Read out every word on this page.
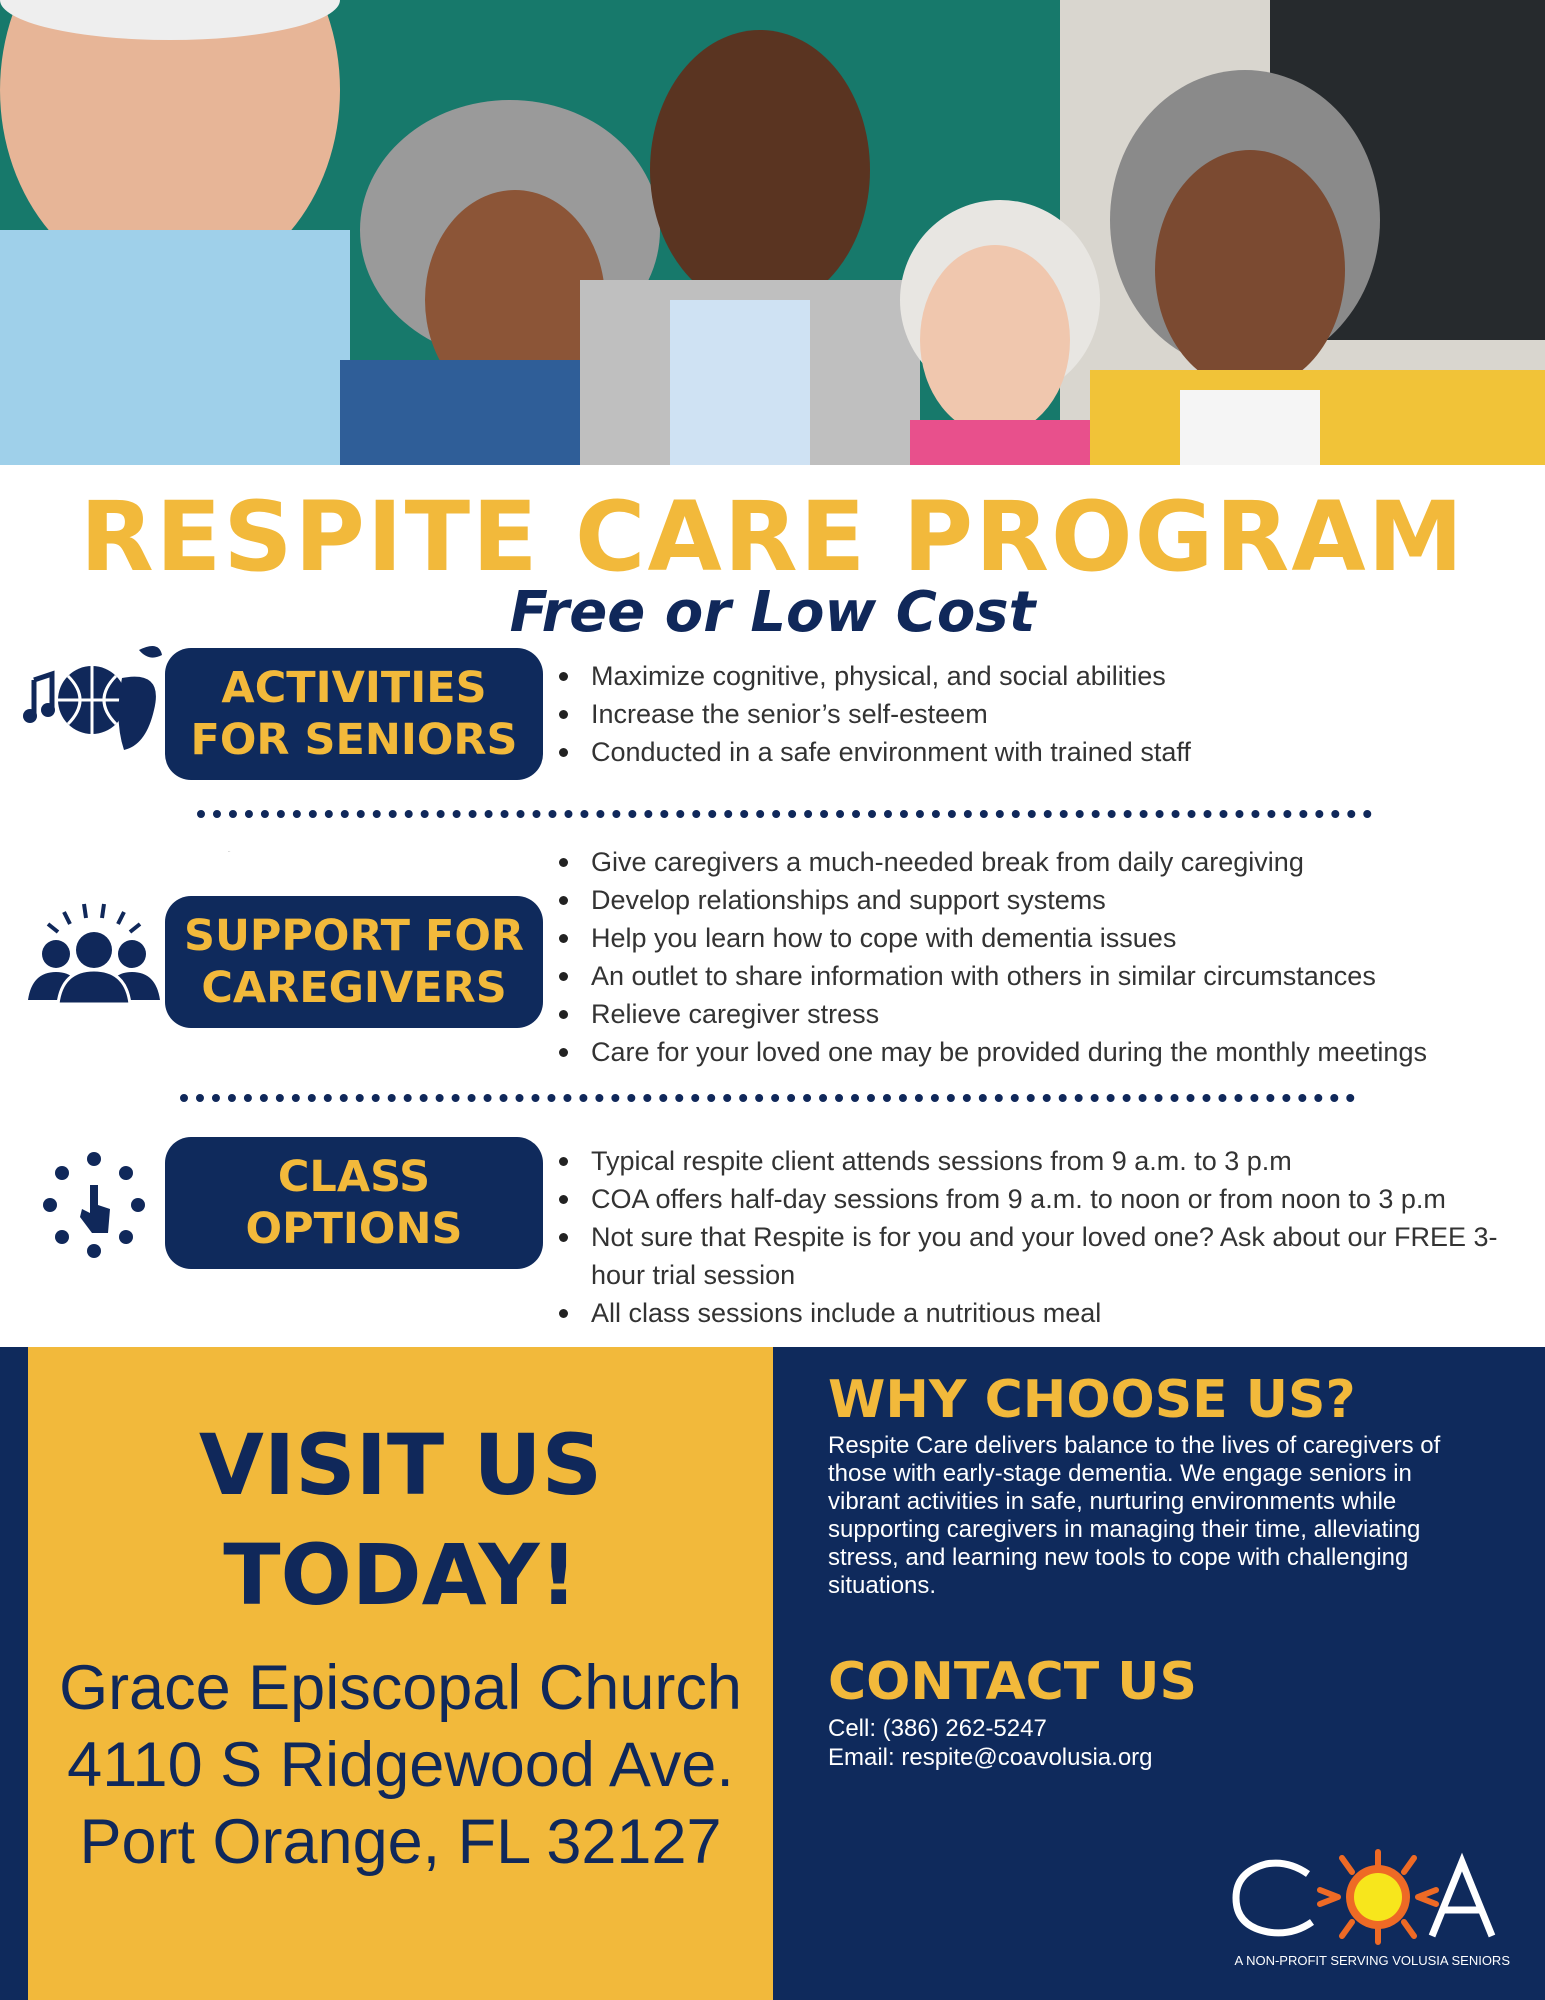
RESPITE CARE PROGRAM
Free or Low Cost
ACTIVITIES
FOR SENIORS
Maximize cognitive, physical, and social abilities
Increase the senior’s self-esteem
Conducted in a safe environment with trained staff
SUPPORT FOR
CAREGIVERS
Give caregivers a much-needed break from daily caregiving
Develop relationships and support systems
Help you learn how to cope with dementia issues
An outlet to share information with others in similar circumstances
Relieve caregiver stress
Care for your loved one may be provided during the monthly meetings
CLASS
OPTIONS
Typical respite client attends sessions from 9 a.m. to 3 p.m
COA offers half-day sessions from 9 a.m. to noon or from noon to 3 p.m
Not sure that Respite is for you and your loved one? Ask about our FREE 3-hour trial session
All class sessions include a nutritious meal
VISIT US
TODAY!
Grace Episcopal Church
4110 S Ridgewood Ave.
Port Orange, FL 32127
WHY CHOOSE US?
Respite Care delivers balance to the lives of caregivers of those with early-stage dementia. We engage seniors in vibrant activities in safe, nurturing environments while supporting caregivers in managing their time, alleviating stress, and learning new tools to cope with challenging situations.
CONTACT US
Cell: (386) 262-5247
Email: respite@coavolusia.org
COA
A NON-PROFIT SERVING VOLUSIA SENIORS
